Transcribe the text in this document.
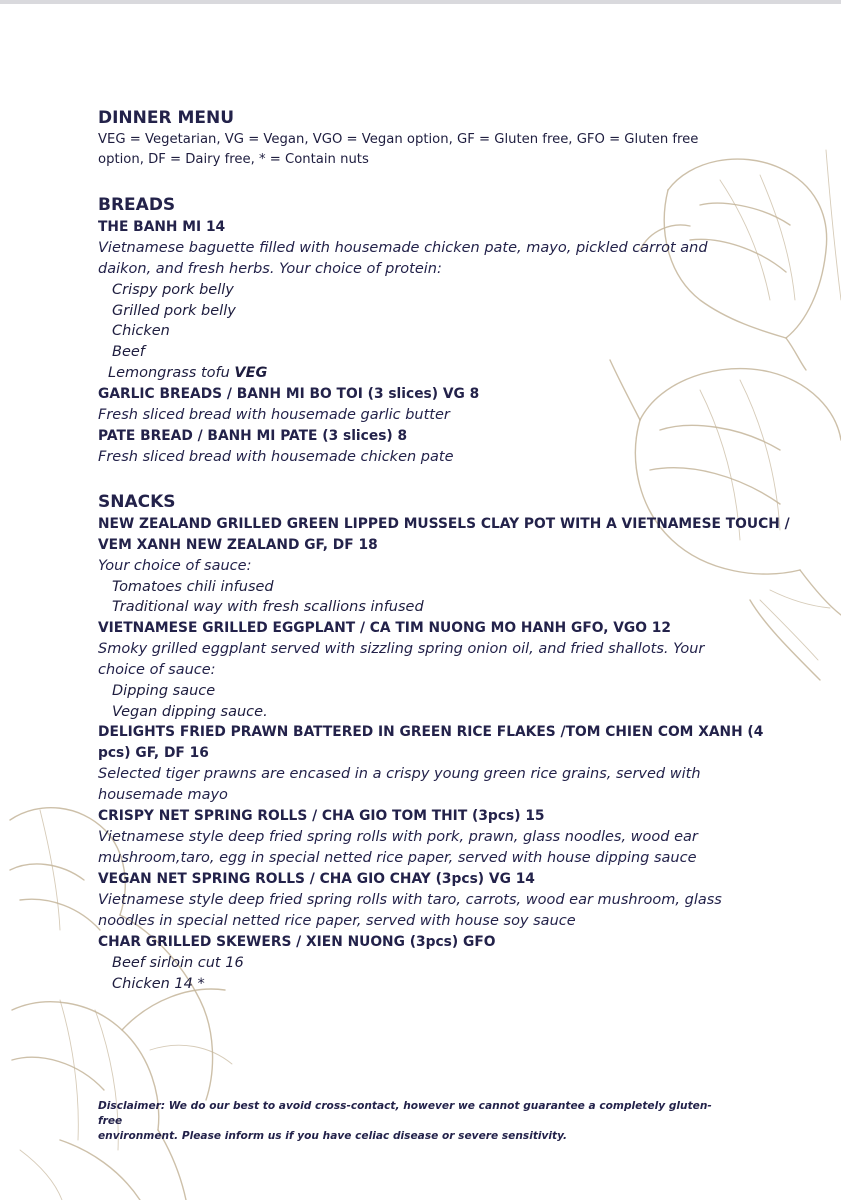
DINNER MENU
VEG = Vegetarian, VG = Vegan, VGO = Vegan option, GF = Gluten free, GFO = Gluten free
option, DF = Dairy free, * = Contain nuts
BREADS
THE BANH MI 14
Vietnamese baguette filled with housemade chicken pate, mayo, pickled carrot and
daikon, and fresh herbs. Your choice of protein:
Crispy pork belly
Grilled pork belly
Chicken
Beef
Lemongrass tofu VEG
GARLIC BREADS / BANH MI BO TOI (3 slices) VG 8
Fresh sliced bread with housemade garlic butter
PATE BREAD / BANH MI PATE (3 slices) 8
Fresh sliced bread with housemade chicken pate
SNACKS
NEW ZEALAND GRILLED GREEN LIPPED MUSSELS CLAY POT WITH A VIETNAMESE TOUCH /
VEM XANH NEW ZEALAND GF, DF 18
Your choice of sauce:
Tomatoes chili infused
Traditional way with fresh scallions infused
VIETNAMESE GRILLED EGGPLANT / CA TIM NUONG MO HANH GFO, VGO 12
Smoky grilled eggplant served with sizzling spring onion oil, and fried shallots. Your
choice of sauce:
Dipping sauce
Vegan dipping sauce.
DELIGHTS FRIED PRAWN BATTERED IN GREEN RICE FLAKES /TOM CHIEN COM XANH (4
pcs) GF, DF 16
Selected tiger prawns are encased in a crispy young green rice grains, served with
housemade mayo
CRISPY NET SPRING ROLLS / CHA GIO TOM THIT (3pcs) 15
Vietnamese style deep fried spring rolls with pork, prawn, glass noodles, wood ear
mushroom,taro, egg in special netted rice paper, served with house dipping sauce
VEGAN NET SPRING ROLLS / CHA GIO CHAY (3pcs) VG 14
Vietnamese style deep fried spring rolls with taro, carrots, wood ear mushroom, glass
noodles in special netted rice paper, served with house soy sauce
CHAR GRILLED SKEWERS / XIEN NUONG (3pcs) GFO
Beef sirloin cut 16
Chicken 14 *
Disclaimer: We do our best to avoid cross-contact, however we cannot guarantee a completely gluten-free
environment. Please inform us if you have celiac disease or severe sensitivity.
